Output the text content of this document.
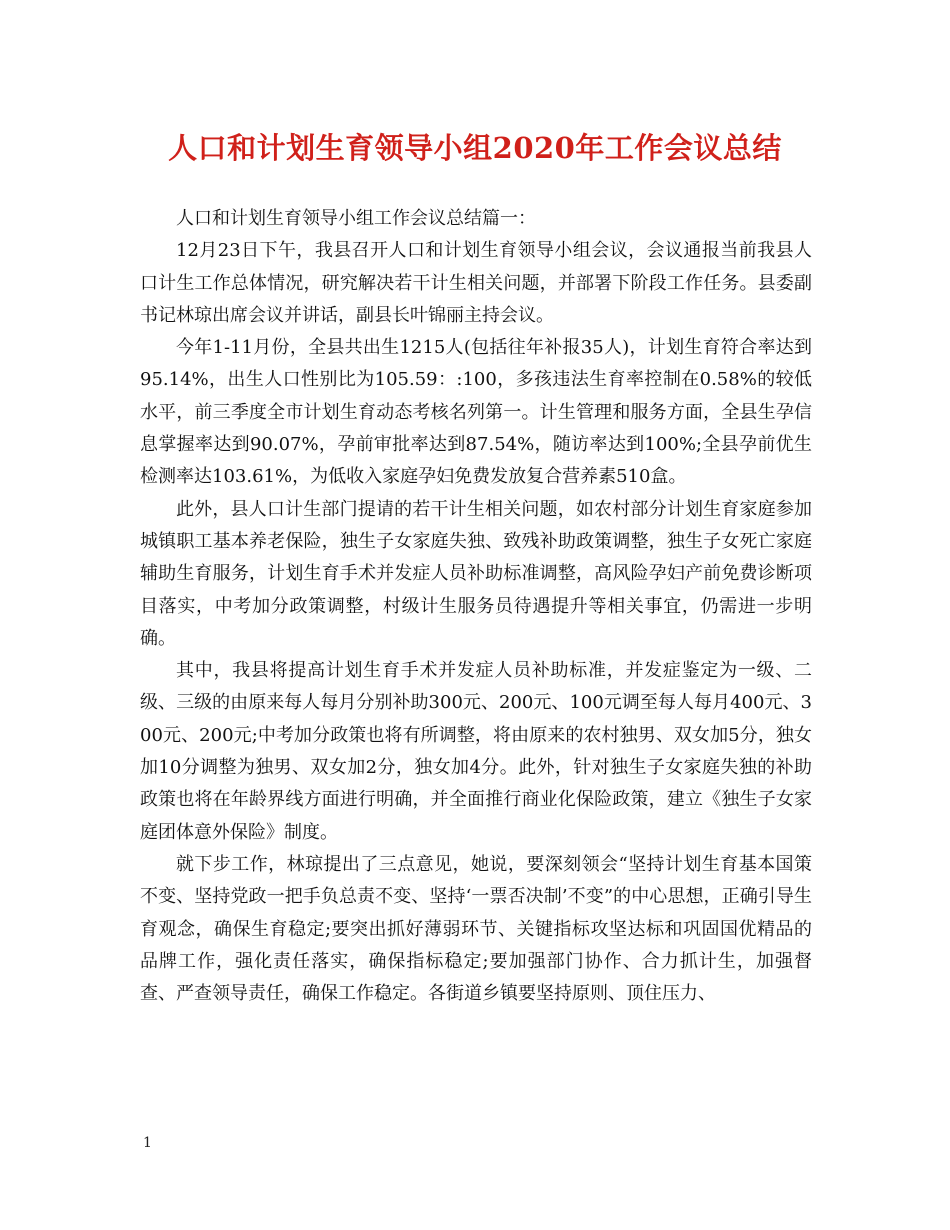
人口和计划生育领导小组2020年工作会议总结

人口和计划生育领导小组工作会议总结篇一：

12月23日下午，我县召开人口和计划生育领导小组会议，会议通报当前我县人口计生工作总体情况，研究解决若干计生相关问题，并部署下阶段工作任务。县委副书记林琼出席会议并讲话，副县长叶锦丽主持会议。

今年1-11月份，全县共出生1215人(包括往年补报35人)，计划生育符合率达到95.14%，出生人口性别比为105.59：:100，多孩违法生育率控制在0.58%的较低水平，前三季度全市计划生育动态考核名列第一。计生管理和服务方面，全县生孕信息掌握率达到90.07%，孕前审批率达到87.54%，随访率达到100%;全县孕前优生检测率达103.61%，为低收入家庭孕妇免费发放复合营养素510盒。

此外，县人口计生部门提请的若干计生相关问题，如农村部分计划生育家庭参加城镇职工基本养老保险，独生子女家庭失独、致残补助政策调整，独生子女死亡家庭辅助生育服务，计划生育手术并发症人员补助标准调整，高风险孕妇产前免费诊断项目落实，中考加分政策调整，村级计生服务员待遇提升等相关事宜，仍需进一步明确。

其中，我县将提高计划生育手术并发症人员补助标准，并发症鉴定为一级、二级、三级的由原来每人每月分别补助300元、200元、100元调至每人每月400元、300元、200元;中考加分政策也将有所调整，将由原来的农村独男、双女加5分，独女加10分调整为独男、双女加2分，独女加4分。此外，针对独生子女家庭失独的补助政策也将在年龄界线方面进行明确，并全面推行商业化保险政策，建立《独生子女家庭团体意外保险》制度。

就下步工作，林琼提出了三点意见，她说，要深刻领会“坚持计划生育基本国策不变、坚持党政一把手负总责不变、坚持‘一票否决制’不变”的中心思想，正确引导生育观念，确保生育稳定;要突出抓好薄弱环节、关键指标攻坚达标和巩固国优精品的品牌工作，强化责任落实，确保指标稳定;要加强部门协作、合力抓计生，加强督查、严查领导责任，确保工作稳定。各街道乡镇要坚持原则、顶住压力、

1
